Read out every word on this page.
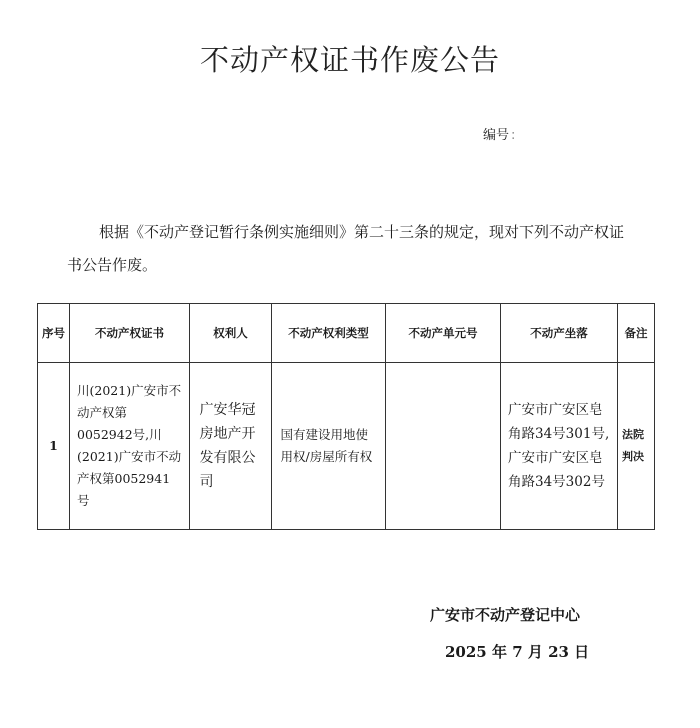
不动产权证书作废公告
编号 :
根据《不动产登记暂行条例实施细则》第二十三条的规定，现对下列不动产权证书公告作废。
序号	不动产权证书	权利人	不动产权利类型	不动产单元号	不动产坐落	备注
1	川(2021)广安市不动产权第0052942号,川(2021)广安市不动产权第0052941号	广安华冠房地产开发有限公司	国有建设用地使用权/房屋所有权		广安市广安区皂角路34号301号,广安市广安区皂角路34号302号	法院判决
广安市不动产登记中心
2025 年 7 月 23 日
